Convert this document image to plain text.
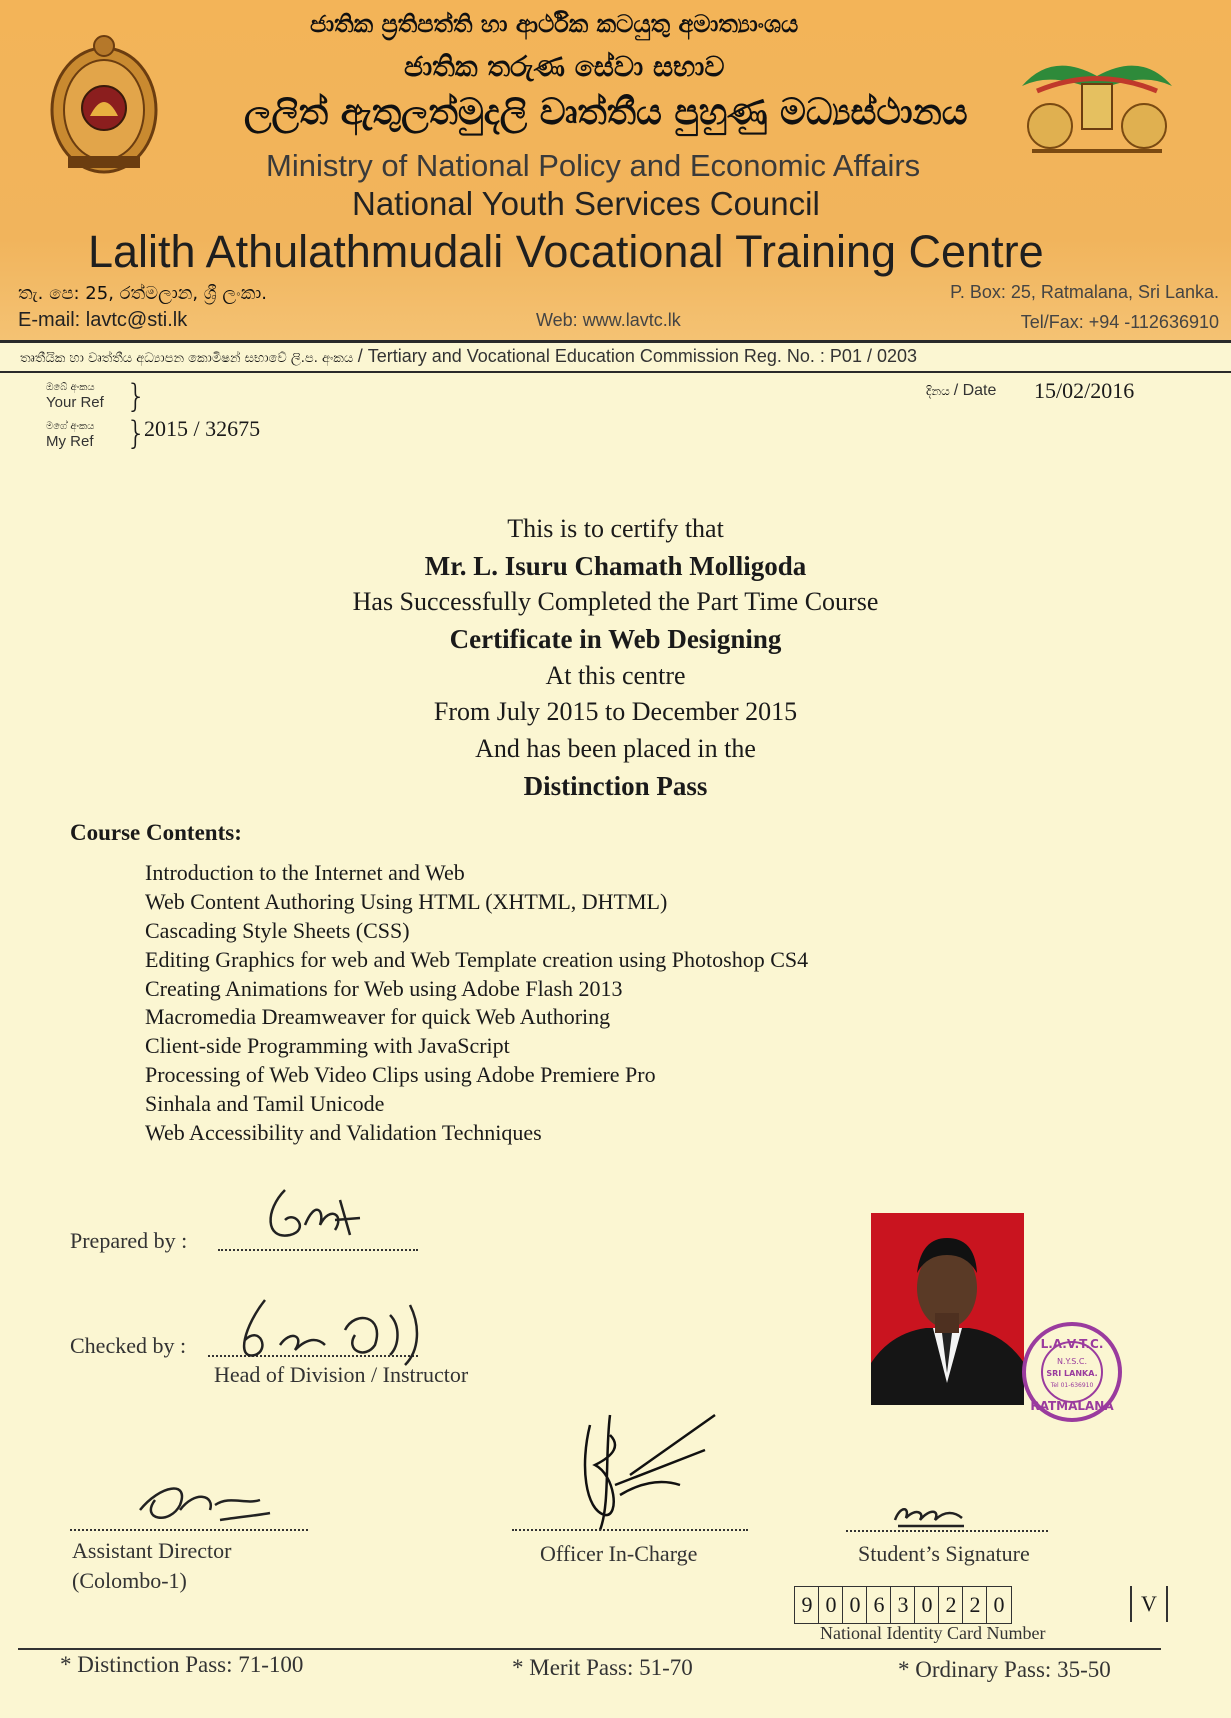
ජාතික ප්‍රතිපත්ති හා ආර්ථික කටයුතු අමාත්‍යාංශය
ජාතික තරුණ සේවා සභාව
ලලිත් ඇතුලත්මුදලි වෘත්තීය පුහුණු මධ්‍යස්ථානය
Ministry of National Policy and Economic Affairs
National Youth Services Council
Lalith Athulathmudali Vocational Training Centre
තැ. පෙ: 25, රත්මලාන, ශ්‍රී ලංකා.
E-mail: lavtc@sti.lk	Web: www.lavtc.lk
P. Box: 25, Ratmalana, Sri Lanka.
Tel/Fax: +94 -112636910
තෘතීයික හා වෘත්තීය අධ්‍යාපන කොමිෂන් සභාවේ ලි.ප. අංකය / Tertiary and Vocational Education Commission Reg. No. : P01 / 0203
ඔබේ අංකය
Your Ref }
මගේ අංකය
My Ref }
2015 / 32675
දිනය / Date 15/02/2016
This is to certify that
Mr. L. Isuru Chamath Molligoda
Has Successfully Completed the Part Time Course
Certificate in Web Designing
At this centre
From July 2015 to December 2015
And has been placed in the
Distinction Pass
Course Contents:
Introduction to the Internet and Web
Web Content Authoring Using HTML (XHTML, DHTML)
Cascading Style Sheets (CSS)
Editing Graphics for web and Web Template creation using Photoshop CS4
Creating Animations for Web using Adobe Flash 2013
Macromedia Dreamweaver for quick Web Authoring
Client-side Programming with JavaScript
Processing of Web Video Clips using Adobe Premiere Pro
Sinhala and Tamil Unicode
Web Accessibility and Validation Techniques
Prepared by :
Checked by :
Head of Division / Instructor
L.A.V.T.C.
N.Y.S.C.
SRI LANKA.
Tel 01-636910
RATMALANA
Assistant Director
(Colombo-1)
Officer In-Charge	Student’s Signature
9 0 0 6 3 0 2 2 0	V
National Identity Card Number
* Distinction Pass: 71-100	* Merit Pass: 51-70	* Ordinary Pass: 35-50
